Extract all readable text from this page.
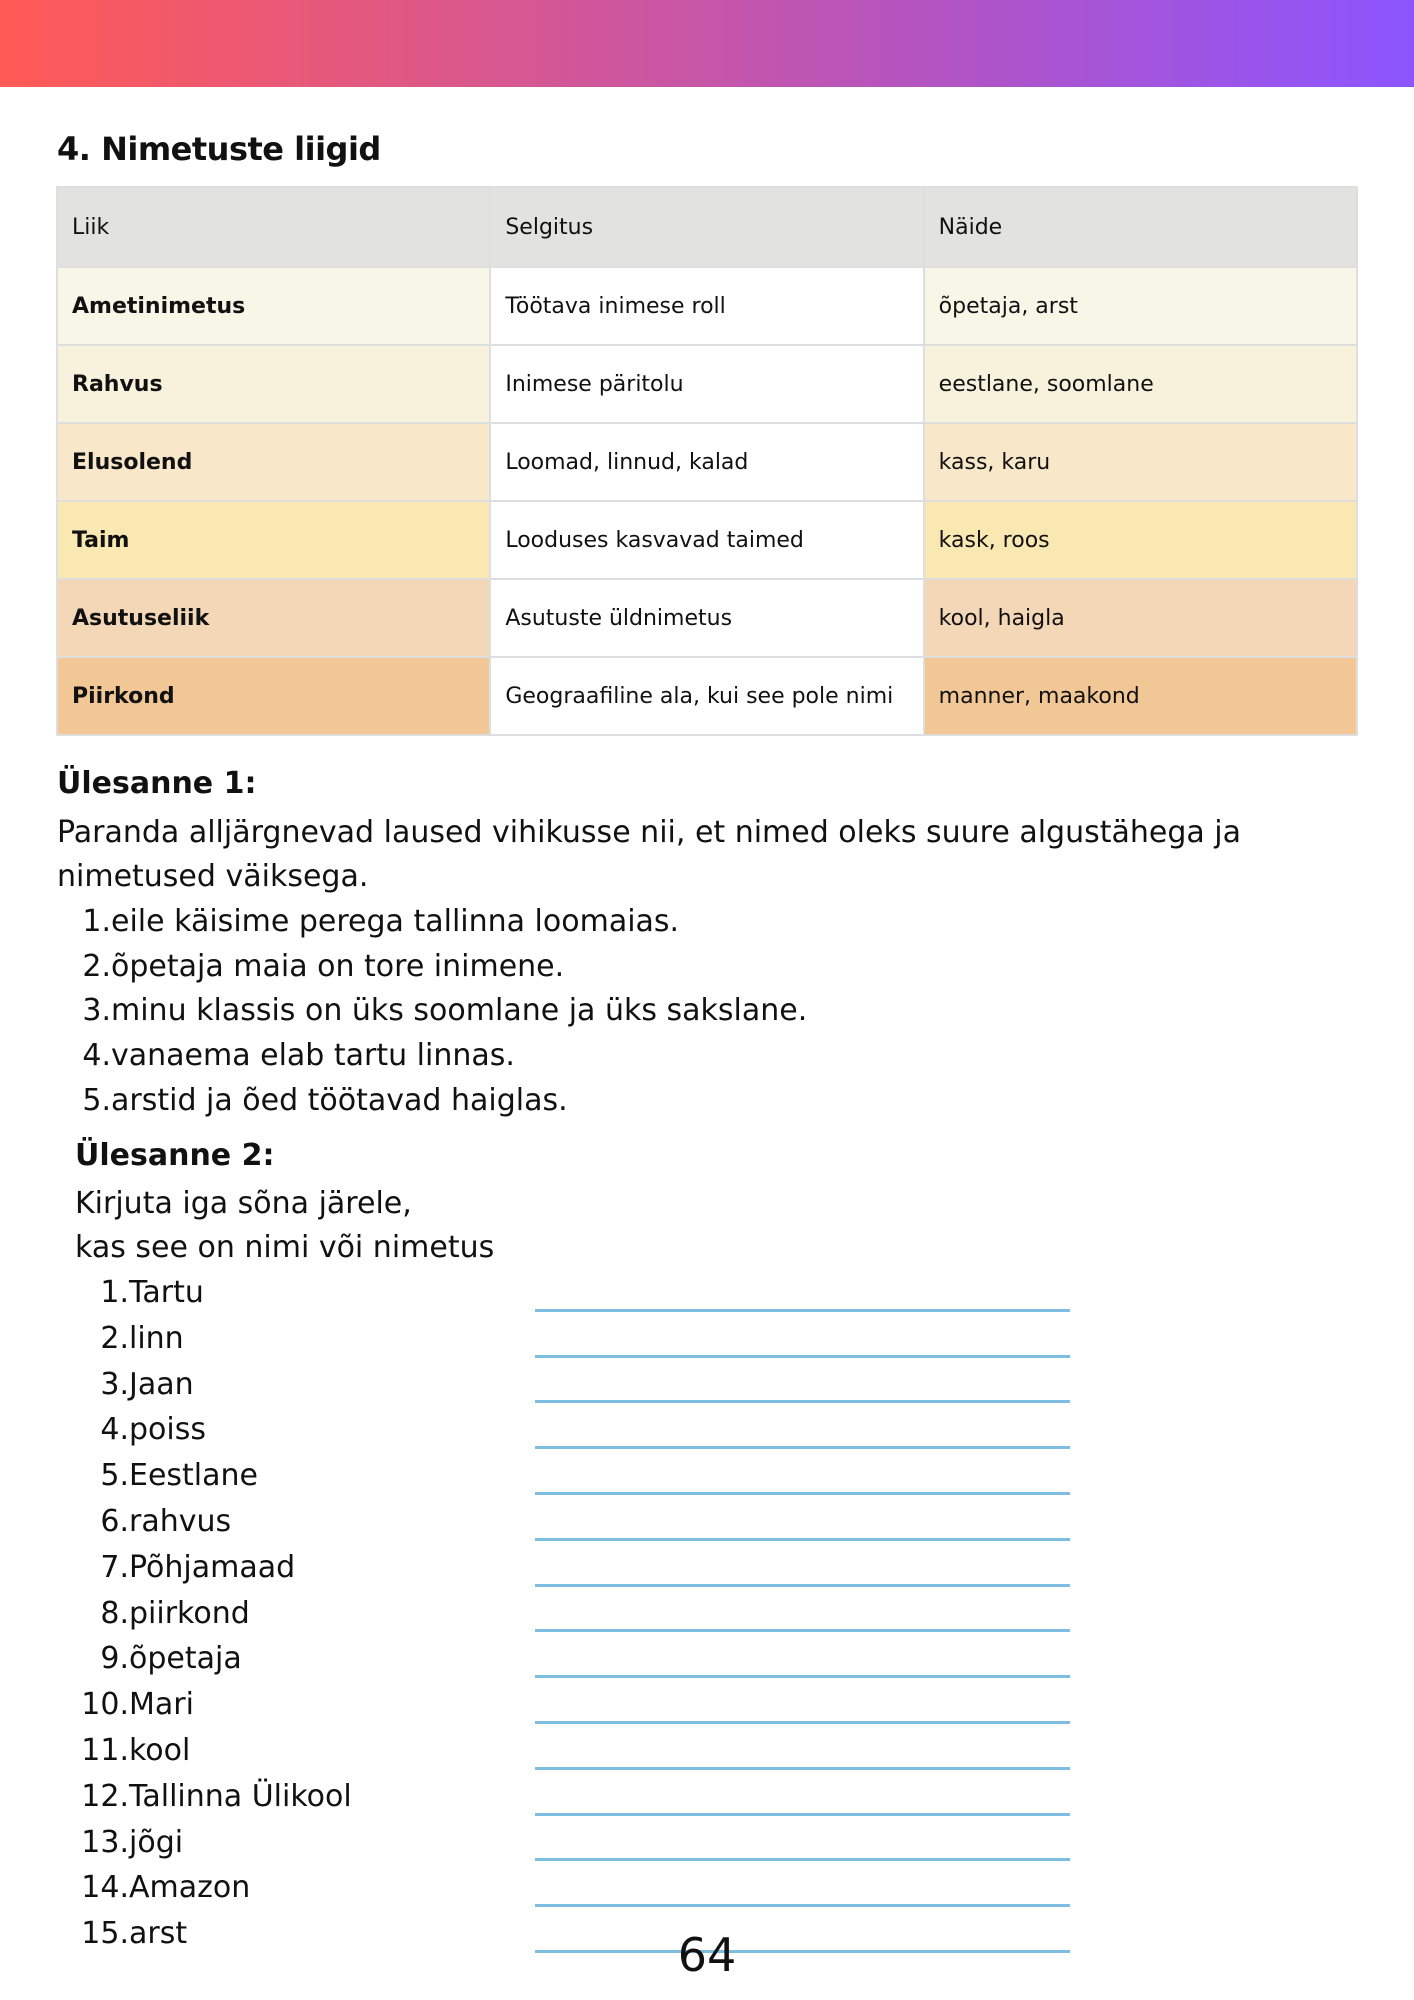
4. Nimetuste liigid
Liik	Selgitus	Näide
Ametinimetus	Töötava inimese roll	õpetaja, arst
Rahvus	Inimese päritolu	eestlane, soomlane
Elusolend	Loomad, linnud, kalad	kass, karu
Taim	Looduses kasvavad taimed	kask, roos
Asutuseliik	Asutuste üldnimetus	kool, haigla
Piirkond	Geograafiline ala, kui see pole nimi	manner, maakond
Ülesanne 1:
Paranda alljärgnevad laused vihikusse nii, et nimed oleks suure algustähega ja
nimetused väiksega.
1. eile käisime perega tallinna loomaias.
2. õpetaja maia on tore inimene.
3. minu klassis on üks soomlane ja üks sakslane.
4. vanaema elab tartu linnas.
5. arstid ja õed töötavad haiglas.
Ülesanne 2:
Kirjuta iga sõna järele,
kas see on nimi või nimetus
1. Tartu
2. linn
3. Jaan
4. poiss
5. Eestlane
6. rahvus
7. Põhjamaad
8. piirkond
9. õpetaja
10. Mari
11. kool
12. Tallinna Ülikool
13. jõgi
14. Amazon
15. arst	64
